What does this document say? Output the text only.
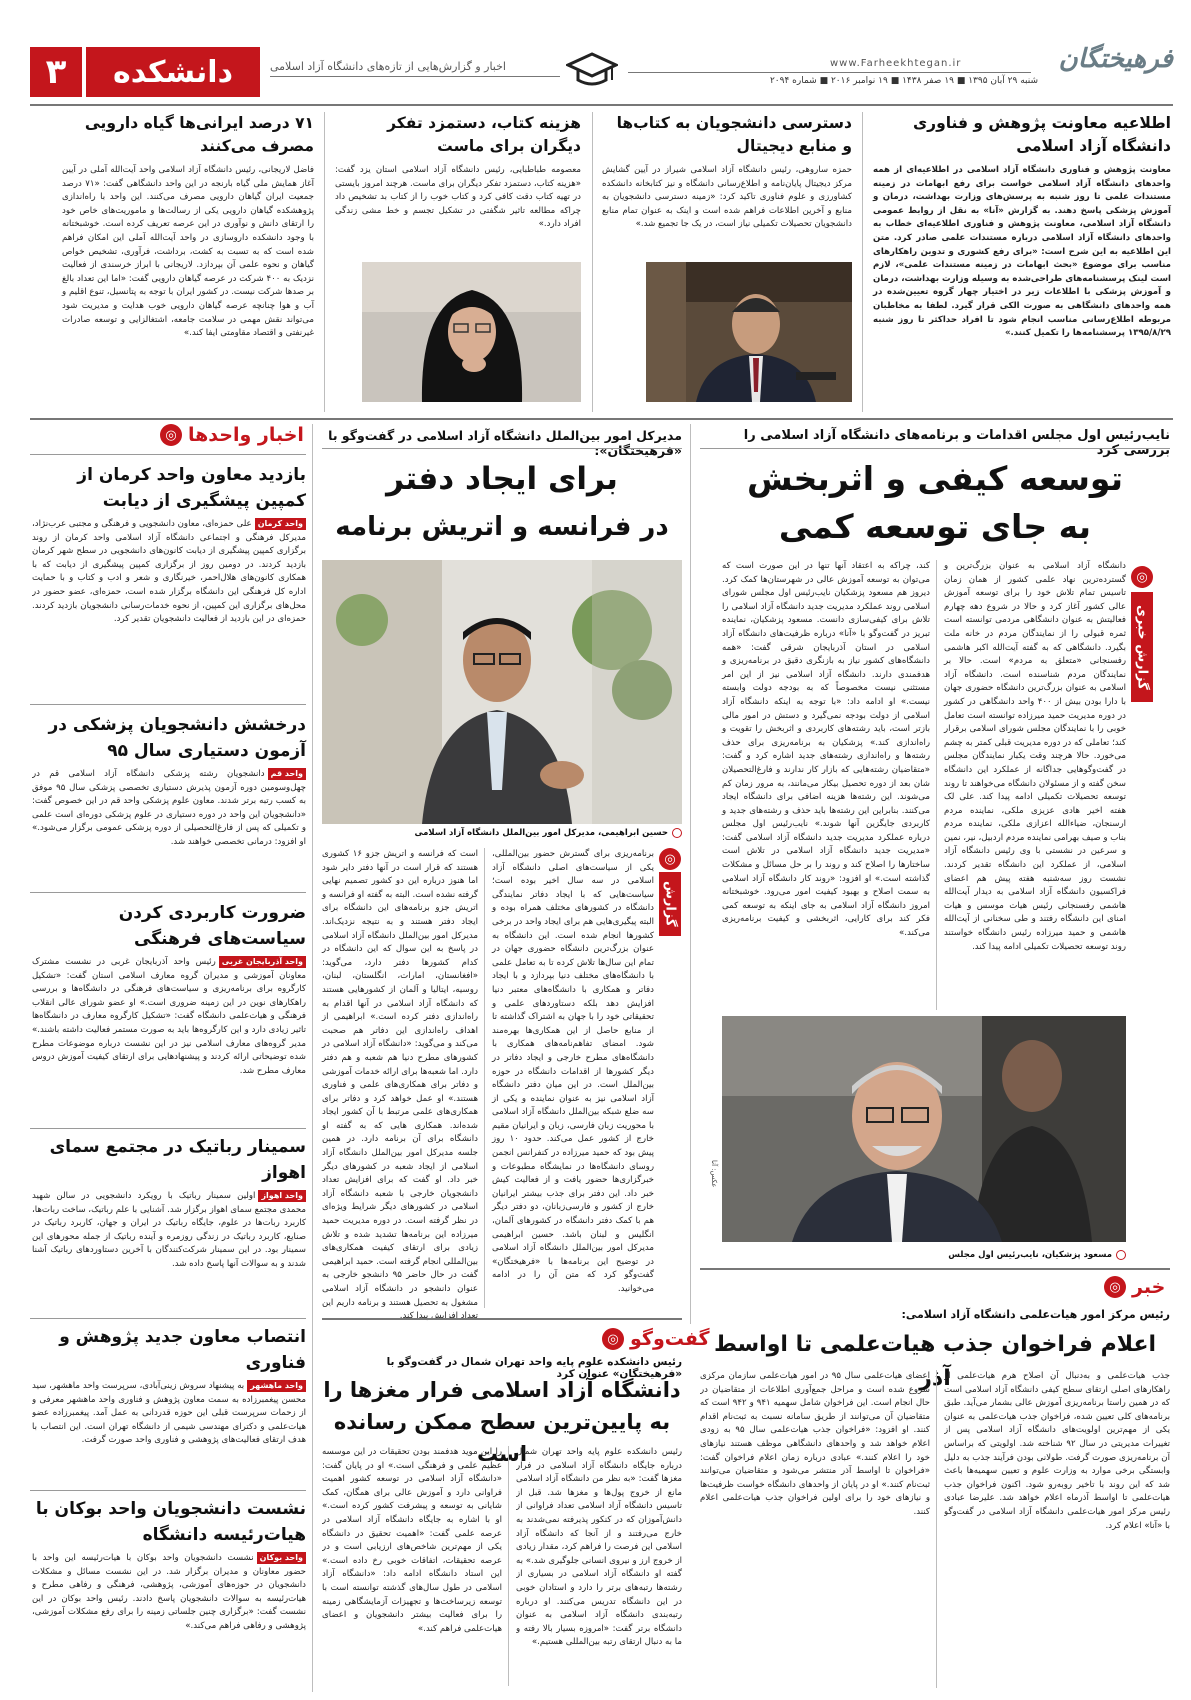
فرهیختگان
www.Farheekhtegan.ir
شنبه ۲۹ آبان ۱۳۹۵ ■ ۱۹ صفر ۱۴۳۸ ■ ۱۹ نوامبر ۲۰۱۶ ■ شماره ۲۰۹۴
اخبار و گزارش‌هایی از تازه‌های دانشگاه آزاد اسلامی
۳	دانشکده
اطلاعیه معاونت پژوهش و فناوری دانشگاه آزاد اسلامی
معاونت پژوهش و فناوری دانشگاه آزاد اسلامی در اطلاعیه‌ای از همه واحدهای دانشگاه آزاد اسلامی خواست برای رفع ابهامات در زمینه مستندات علمی تا روز شنبه به پرسش‌های وزارت بهداشت، درمان و آموزش پزشکی پاسخ دهند. به گزارش «آنا» به نقل از روابط عمومی دانشگاه آزاد اسلامی، معاونت پژوهش و فناوری اطلاعیه‌ای خطاب به واحدهای دانشگاه آزاد اسلامی درباره مستندات علمی صادر کرد. متن این اطلاعیه به این شرح است: «برای رفع کشوری و تدوین راهکارهای مناسب برای موضوع «بحث ابهامات در زمینه مستندات علمی»، لازم است لینک پرسشنامه‌های طراحی‌شده به وسیله وزارت بهداشت، درمان و آموزش پزشکی با اطلاعات زیر در اختیار چهار گروه تعیین‌شده در همه واحدهای دانشگاهی به صورت الکی قرار گیرد. لطفا به مخاطبان مربوطه اطلاع‌رسانی مناسب انجام شود تا افراد حداکثر تا روز شنبه ۱۳۹۵/۸/۲۹ پرسشنامه‌ها را تکمیل کنند.»
دسترسی دانشجویان به کتاب‌ها و منابع دیجیتال
حمزه ساروهی، رئیس دانشگاه آزاد اسلامی شیراز در آیین گشایش مرکز دیجیتال پایان‌نامه و اطلاع‌رسانی دانشگاه و نیز کتابخانه دانشکده کشاورزی و علوم فناوری تاکید کرد: «زمینه دسترسی دانشجویان به منابع و آخرین اطلاعات فراهم شده است و اینک به عنوان تمام منابع دانشجویان تحصیلات تکمیلی نیاز است، در یک جا تجمیع شد.»
هزینه کتاب، دستمزد تفکر دیگران برای ماست
معصومه طباطبایی، رئیس دانشگاه آزاد اسلامی استان یزد گفت: «هزینه کتاب، دستمزد تفکر دیگران برای ماست. هرچند امروز بایستی در تهیه کتاب دقت کافی کرد و کتاب خوب را از کتاب بد تشخیص داد چراکه مطالعه تاثیر شگفتی در تشکیل تجسم و خط مشی زندگی افراد دارد.»
۷۱ درصد ایرانی‌ها گیاه دارویی مصرف می‌کنند
فاضل لاریجانی، رئیس دانشگاه آزاد اسلامی واحد آیت‌الله آملی در آیین آغاز همایش ملی گیاه بارنجه در این واحد دانشگاهی گفت: «۷۱ درصد جمعیت ایران گیاهان دارویی مصرف می‌کنند. این واحد با راه‌اندازی پژوهشکده گیاهان دارویی یکی از رسالت‌ها و ماموریت‌های خاص خود را ارتقای دانش و نوآوری در این عرصه تعریف کرده است. خوشبختانه با وجود دانشکده داروسازی در واحد آیت‌الله آملی این امکان فراهم شده است که به تسبت به کشت، برداشت، فرآوری، تشخیص خواص گیاهان و نحوه علمی آن بپردازد. لاریجانی با ابراز خرسندی از فعالیت نزدیک به ۴۰۰ شرکت در عرصه گیاهان دارویی گفت: «اما این تعداد بالغ بر صدها شرکت نیست. در کشور ایران با توجه به پتانسیل، تنوع اقلیم و آب و هوا چنانچه عرصه گیاهان دارویی خوب هدایت و مدیریت شود می‌تواند نقش مهمی در سلامت جامعه، اشتغالزایی و توسعه صادرات غیرنفتی و اقتصاد مقاومتی ایفا کند.»
نایب‌رئیس اول مجلس اقدامات و برنامه‌های دانشگاه آزاد اسلامی را بررسی کرد
توسعه کیفی و اثربخش
به جای توسعه کمی
◎
گزارش خبری
دانشگاه آزاد اسلامی به عنوان بزرگ‌ترین و گسترده‌ترین نهاد علمی کشور از همان زمان تاسیس تمام تلاش خود را برای توسعه آموزش عالی کشور آغاز کرد و حالا در شروع دهه چهارم فعالیتش به عنوان دانشگاهی مردمی توانسته است ثمره قبولی را از نمایندگان مردم در خانه ملت بگیرد. دانشگاهی که به گفته آیت‌الله اکبر هاشمی رفسنجانی «متعلق به مردم» است. حالا بر نمایندگان مردم شناسنده است. دانشگاه آزاد اسلامی به عنوان بزرگ‌ترین دانشگاه حضوری جهان با دارا بودن بیش از ۴۰۰ واحد دانشگاهی در کشور در دوره مدیریت حمید میرزاده توانسته است تعامل خوبی را با نمایندگان مجلس شورای اسلامی برقرار کند؛ تعاملی که در دوره مدیریت قبلی کمتر به چشم می‌خورد. حالا هرچند وقت یکبار نمایندگان مجلس در گفت‌وگوهایی جداگانه از عملکرد این دانشگاه سخن گفته و از مسئولان دانشگاه می‌خواهند تا روند توسعه تحصیلات تکمیلی ادامه پیدا کند. علی لک هفته اخیر هادی عزیزی ملکی، نماینده مردم ارسنجان، ضیاءالله اعزازی ملکی، نماینده مردم بناب و صیف بهرامی نماینده مردم اردبیل، نیر، نمین و سرعین در نشستی با وی رئیس دانشگاه آزاد اسلامی، از عملکرد این دانشگاه تقدیر کردند. نشست روز سه‌شنبه هفته پیش هم اعضای فراکسیون دانشگاه آزاد اسلامی به دیدار آیت‌الله هاشمی رفسنجانی رئیس هیات موسس و هیات امنای این دانشگاه رفتند و طی سخنانی از آیت‌الله هاشمی و حمید میرزاده رئیس دانشگاه خواستند روند توسعه تحصیلات تکمیلی ادامه پیدا کند.
کند، چراکه به اعتقاد آنها تنها در این صورت است که می‌توان به توسعه آموزش عالی در شهرستان‌ها کمک کرد. دیروز هم مسعود پزشکیان نایب‌رئیس اول مجلس شورای اسلامی روند عملکرد مدیریت جدید دانشگاه آزاد اسلامی را تلاش برای کیفی‌سازی دانست. مسعود پزشکیان، نماینده تبریز در گفت‌وگو با «آنا» درباره ظرفیت‌های دانشگاه آزاد اسلامی در استان آذربایجان شرقی گفت: «همه دانشگاه‌های کشور نیاز به بازنگری دقیق در برنامه‌ریزی و هدفمندی دارند. دانشگاه آزاد اسلامی نیز از این امر مستثنی نیست مخصوصاً که به بودجه دولت وابسته نیست.» او ادامه داد: «با توجه به اینکه دانشگاه آزاد اسلامی از دولت بودجه نمی‌گیرد و دستش در امور مالی بازتر است، باید رشته‌های کاربردی و اثربخش را تقویت و راه‌اندازی کند.» پزشکیان به برنامه‌ریزی برای حذف رشته‌ها و راه‌اندازی رشته‌های جدید اشاره کرد و گفت: «متقاضیان رشته‌هایی که بازار کار ندارند و فارغ‌التحصیلان شان بعد از دوره تحصیل بیکار می‌مانند، به مرور زمان کم می‌شوند. این رشته‌ها هزینه اضافی برای دانشگاه ایجاد می‌کنند. بنابراین این رشته‌ها باید حذف و رشته‌های جدید و کاربردی جایگزین آنها شوند.» نایب‌رئیس اول مجلس درباره عملکرد مدیریت جدید دانشگاه آزاد اسلامی گفت: «مدیریت جدید دانشگاه آزاد اسلامی در تلاش است ساختارها را اصلاح کند و روند را بر حل مسائل و مشکلات گذاشته است.» او افزود: «روند کار دانشگاه آزاد اسلامی به سمت اصلاح و بهبود کیفیت امور می‌رود. خوشبختانه امروز دانشگاه آزاد اسلامی به جای اینکه به توسعه کمی فکر کند برای کارایی، اثربخشی و کیفیت برنامه‌ریزی می‌کند.»
عکس: آنا
مسعود پزشکیان، نایب‌رئیس اول مجلس
مدیرکل امور بین‌الملل دانشگاه آزاد اسلامی در گفت‌وگو با «فرهیختگان»:
برای ایجاد دفتر
در فرانسه و اتریش برنامه
حسین ابراهیمی، مدیرکل امور بین‌الملل دانشگاه آزاد اسلامی
◎
گزارش
برنامه‌ریزی برای گسترش حضور بین‌المللی، یکی از سیاست‌های اصلی دانشگاه آزاد اسلامی در سه سال اخیر بوده است؛ سیاست‌هایی که با ایجاد دفاتر نمایندگی دانشگاه در کشورهای مختلف همراه بوده و البته پیگیری‌هایی هم برای ایجاد واحد در برخی کشورها انجام شده است. این دانشگاه به عنوان بزرگ‌ترین دانشگاه حضوری جهان در تمام این سال‌ها تلاش کرده تا به تعامل علمی با دانشگاه‌های مختلف دنیا بپردازد و با ایجاد دفاتر و همکاری با دانشگاه‌های معتبر دنیا افزایش دهد بلکه دستاوردهای علمی و تحقیقاتی خود را با جهان به اشتراک گذاشته تا از منابع حاصل از این همکاری‌ها بهره‌مند شود. امضای تفاهم‌نامه‌های همکاری با دانشگاه‌های مطرح خارجی و ایجاد دفاتر در دیگر کشورها از اقدامات دانشگاه در حوزه بین‌الملل است. در این میان دفتر دانشگاه آزاد اسلامی نیز به عنوان نماینده و یکی از سه ضلع شبکه بین‌الملل دانشگاه آزاد اسلامی با محوریت زبان فارسی، زبان و ایرانیان مقیم خارج از کشور عمل می‌کند. حدود ۱۰ روز پیش بود که حمید میرزاده در کنفرانس انجمن روسای دانشگاه‌ها در نمایشگاه مطبوعات و خبرگزاری‌ها حضور یافت و از فعالیت کیش خبر داد. این دفتر برای جذب بیشتر ایرانیان خارج از کشور و فارسی‌زبانان، دو دفتر دیگر هم با کمک دفتر دانشگاه در کشورهای آلمان، انگلیس و لبنان باشد. حسین ابراهیمی مدیرکل امور بین‌الملل دانشگاه آزاد اسلامی در توضیح این برنامه‌ها با «فرهیختگان» گفت‌وگو کرد که متن آن را در ادامه می‌خوانید.
است که فرانسه و اتریش جزو ۱۶ کشوری هستند که قرار است در آنها دفتر دایر شود اما هنوز درباره این دو کشور تصمیم نهایی گرفته نشده است. البته به گفته او فرانسه و اتریش جزو برنامه‌های این دانشگاه برای ایجاد دفتر هستند و به نتیجه نزدیک‌اند. مدیرکل امور بین‌الملل دانشگاه آزاد اسلامی در پاسخ به این سوال که این دانشگاه در کدام کشورها دفتر دارد، می‌گوید: «افغانستان، امارات، انگلستان، لبنان، روسیه، ایتالیا و آلمان از کشورهایی هستند که دانشگاه آزاد اسلامی در آنها اقدام به راه‌اندازی دفتر کرده است.» ابراهیمی از اهداف راه‌اندازی این دفاتر هم صحبت می‌کند و می‌گوید: «دانشگاه آزاد اسلامی در کشورهای مطرح دنیا هم شعبه و هم دفتر دارد. اما شعبه‌ها برای ارائه خدمات آموزشی و دفاتر برای همکاری‌های علمی و فناوری هستند.» او عمل خواهد کرد و دفاتر برای همکاری‌های علمی مرتبط با آن کشور ایجاد شده‌اند. همکاری هایی که به گفته او دانشگاه برای آن برنامه دارد. در همین جلسه مدیرکل امور بین‌الملل دانشگاه آزاد اسلامی از ایجاد شعبه در کشورهای دیگر خبر داد. او گفت که برای افزایش تعداد دانشجویان خارجی با شعبه دانشگاه آزاد اسلامی در کشورهای دیگر شرایط ویژه‌ای در نظر گرفته است. در دوره مدیریت حمید میرزاده این برنامه‌ها تشدید شده و تلاش زیادی برای ارتقای کیفیت همکاری‌های بین‌المللی انجام گرفته است. حمید ابراهیمی گفت در حال حاضر ۹۵ دانشجو خارجی به عنوان دانشجو در دانشگاه آزاد اسلامی مشغول به تحصیل هستند و برنامه داریم این تعداد افزایش پیدا کند.
گفت‌وگو
◎
رئیس دانشکده علوم پایه واحد تهران شمال در گفت‌وگو با «فرهیختگان» عنوان کرد
دانشگاه آزاد اسلامی فرار مغزها را
به پایین‌ترین سطح ممکن رسانده است
رئیس دانشکده علوم پایه واحد تهران شمال درباره جایگاه دانشگاه آزاد اسلامی در فرار مغزها گفت: «به نظر من دانشگاه آزاد اسلامی مانع از خروج پول‌ها و مغزها شد. قبل از تاسیس دانشگاه آزاد اسلامی تعداد فراوانی از دانش‌آموزان که در کنکور پذیرفته نمی‌شدند به خارج می‌رفتند و از آنجا که دانشگاه آزاد اسلامی این فرصت را فراهم کرد، مقدار زیادی از خروج ارز و نیروی انسانی جلوگیری شد.» به گفته او دانشگاه آزاد اسلامی در بسیاری از رشته‌ها رتبه‌های برتر را دارد و استادان خوبی در این دانشگاه تدریس می‌کنند. او درباره رتبه‌بندی دانشگاه آزاد اسلامی به عنوان دانشگاه برتر گفت: «امروزه بسیار بالا رفته و ما به دنبال ارتقای رتبه بین‌المللی هستیم.»
را این موید هدفمند بودن تحقیقات در این موسسه عظیم علمی و فرهنگی است.» او در پایان گفت: «دانشگاه آزاد اسلامی در توسعه کشور اهمیت فراوانی دارد و آموزش عالی برای همگان، کمک شایانی به توسعه و پیشرفت کشور کرده است.» او با اشاره به جایگاه دانشگاه آزاد اسلامی در عرصه علمی گفت: «اهمیت تحقیق در دانشگاه یکی از مهم‌ترین شاخص‌های ارزیابی است و در عرصه تحقیقات، اتفاقات خوبی رخ داده است.» این استاد دانشگاه ادامه داد: «دانشگاه آزاد اسلامی در طول سال‌های گذشته توانسته است با توسعه زیرساخت‌ها و تجهیزات آزمایشگاهی زمینه را برای فعالیت بیشتر دانشجویان و اعضای هیات‌علمی فراهم کند.»
خبر
◎
رئیس مرکز امور هیات‌علمی دانشگاه آزاد اسلامی:
اعلام فراخوان جذب هیات‌علمی تا اواسط آذر
جذب هیات‌علمی و به‌دنبال آن اصلاح هرم هیات‌علمی از راهکارهای اصلی ارتقای سطح کیفی دانشگاه آزاد اسلامی است که در همین راستا برنامه‌ریزی آموزش عالی بشمار می‌آید. طبق برنامه‌های کلی تعیین شده، فراخوان جذب هیات‌علمی به عنوان یکی از مهم‌ترین اولویت‌های دانشگاه آزاد اسلامی پس از تغییرات مدیریتی در سال ۹۲ شناخته شد. اولویتی که براساس آن برنامه‌ریزی صورت گرفت. طولانی بودن فرآیند جذب به دلیل وابستگی برخی موارد به وزارت علوم و تعیین سهمیه‌ها باعث شد که این روند با تاخیر روبه‌رو شود. اکنون فراخوان جذب هیات‌علمی تا اواسط آذرماه اعلام خواهد شد. علیرضا عبادی رئیس مرکز امور هیات‌علمی دانشگاه آزاد اسلامی در گفت‌وگو با «آنا» اعلام کرد.
اعضای هیات‌علمی سال ۹۵ در امور هیات‌علمی سازمان مرکزی شروع شده است و مراحل جمع‌آوری اطلاعات از متقاضیان در حال انجام است. این فراخوان شامل سهمیه ۹۴۱ و ۹۴۲ است که متقاضیان آن می‌توانند از طریق سامانه نسبت به ثبت‌نام اقدام کنند. او افزود: «فراخوان جذب هیات‌علمی سال ۹۵ به زودی اعلام خواهد شد و واحدهای دانشگاهی موظف هستند نیازهای خود را اعلام کنند.» عبادی درباره زمان اعلام فراخوان گفت: «فراخوان تا اواسط آذر منتشر می‌شود و متقاضیان می‌توانند ثبت‌نام کنند.» او در پایان از واحدهای دانشگاه خواست ظرفیت‌ها و نیازهای خود را برای اولین فراخوان جذب هیات‌علمی اعلام کنند.
اخبار واحدها
◎
بازدید معاون واحد کرمان از کمپین پیشگیری از دیابت
واحد کرمانعلی حمزه‌ای، معاون دانشجویی و فرهنگی و مجتبی عرب‌نژاد، مدیرکل فرهنگی و اجتماعی دانشگاه آزاد اسلامی واحد کرمان از روند برگزاری کمپین پیشگیری از دیابت کانون‌های دانشجویی در سطح شهر کرمان بازدید کردند. در دومین روز از برگزاری کمپین پیشگیری از دیابت که با همکاری کانون‌های هلال‌احمر، خیرنگاری و شعر و ادب و کتاب و با حمایت اداره کل فرهنگی این دانشگاه برگزار شده است، حمزه‌ای، عضو حضور در محل‌های برگزاری این کمپین، از نحوه خدمات‌رسانی دانشجویان بازدید کردند. حمزه‌ای در این بازدید از فعالیت دانشجویان تقدیر کرد.
درخشش دانشجویان پزشکی در آزمون دستیاری سال ۹۵
واحد قمدانشجویان رشته پزشکی دانشگاه آزاد اسلامی قم در چهل‌وسومین دوره آزمون پذیرش دستیاری تخصصی پزشکی سال ۹۵ موفق به کسب رتبه برتر شدند. معاون علوم پزشکی واحد قم در این خصوص گفت: «دانشجویان این واحد در دوره دستیاری در علوم پزشکی دوره‌ای است علمی و تکمیلی که پس از فارغ‌التحصیلی از دوره پزشکی عمومی برگزار می‌شود.» او افزود: درمانی تخصصی خواهند شد.
ضرورت کاربردی کردن سیاست‌های فرهنگی
واحد آذربایجان غربیرئیس واحد آذربایجان غربی در نشست مشترک معاونان آموزشی و مدیران گروه معارف اسلامی استان گفت: «تشکیل کارگروه برای برنامه‌ریزی و سیاست‌های فرهنگی در دانشگاه‌ها و بررسی راهکارهای نوین در این زمینه ضروری است.» او عضو شورای عالی انقلاب فرهنگی و هیات‌علمی دانشگاه گفت: «تشکیل کارگروه معارف در دانشگاه‌ها تاثیر زیادی دارد و این کارگروه‌ها باید به صورت مستمر فعالیت داشته باشند.» مدیر گروه‌های معارف اسلامی نیز در این نشست درباره موضوعات مطرح شده توضیحاتی ارائه کردند و پیشنهادهایی برای ارتقای کیفیت آموزش دروس معارف مطرح شد.
سمینار رباتیک در مجتمع سمای اهواز
واحد اهوازاولین سمینار رباتیک با رویکرد دانشجویی در سالن شهید محمدی مجتمع سمای اهواز برگزار شد. آشنایی با علم رباتیک، ساخت ربات‌ها، کاربرد ربات‌ها در علوم، جایگاه رباتیک در ایران و جهان، کاربرد رباتیک در صنایع، کاربرد رباتیک در زندگی روزمره و آینده رباتیک از جمله محورهای این سمینار بود. در این سمینار شرکت‌کنندگان با آخرین دستاوردهای رباتیک آشنا شدند و به سوالات آنها پاسخ داده شد.
انتصاب معاون جدید پژوهش و فناوری
واحد ماهشهربه پیشنهاد سروش زینی‌آبادی، سرپرست واحد ماهشهر، سید محسن پیغمبرزاده به سمت معاون پژوهش و فناوری واحد ماهشهر معرفی و از زحمات سرپرست قبلی این حوزه قدردانی به عمل آمد. پیغمبرزاده عضو هیات‌علمی و دکترای مهندسی شیمی از دانشگاه تهران است. این انتصاب با هدف ارتقای فعالیت‌های پژوهشی و فناوری واحد صورت گرفت.
نشست دانشجویان واحد بوکان با هیات‌رئیسه دانشگاه
واحد بوکاننشست دانشجویان واحد بوکان با هیات‌رئیسه این واحد با حضور معاونان و مدیران برگزار شد. در این نشست مسائل و مشکلات دانشجویان در حوزه‌های آموزشی، پژوهشی، فرهنگی و رفاهی مطرح و هیات‌رئیسه به سوالات دانشجویان پاسخ دادند. رئیس واحد بوکان در این نشست گفت: «برگزاری چنین جلساتی زمینه را برای رفع مشکلات آموزشی، پژوهشی و رفاهی فراهم می‌کند.»
